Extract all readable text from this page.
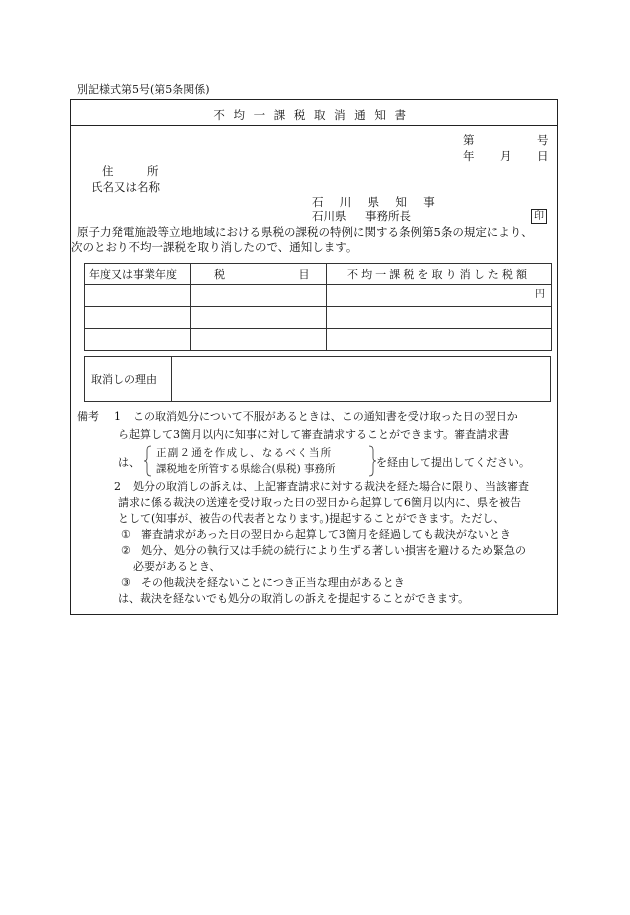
別記様式第5号(第5条関係)
不均一課税取消通知書
第	号
年 月 日
住	所
氏名又は名称
石 川 県 知 事
石川県 事務所長	印
原子力発電施設等立地地域における県税の課税の特例に関する条例第5条の規定により、
次のとおり不均一課税を取り消したので、通知します。
年度又は事業年度	税 目	不均一課税を取り消した税額
		円

取消しの理由
備考 1 この取消処分について不服があるときは、この通知書を受け取った日の翌日か
ら起算して3箇月以内に知事に対して審査請求することができます。審査請求書
は、
正副２通を作成し、なるべく当所
課税地を所管する県総合(県税) 事務所	を経由して提出してください。
2 処分の取消しの訴えは、上記審査請求に対する裁決を経た場合に限り、当該審査
請求に係る裁決の送達を受け取った日の翌日から起算して6箇月以内に、県を被告
として(知事が、被告の代表者となります。)提起することができます。ただし、
① 審査請求があった日の翌日から起算して3箇月を経過しても裁決がないとき
② 処分、処分の執行又は手続の続行により生ずる著しい損害を避けるため緊急の
必要があるとき、
③ その他裁決を経ないことにつき正当な理由があるとき
は、裁決を経ないでも処分の取消しの訴えを提起することができます。
